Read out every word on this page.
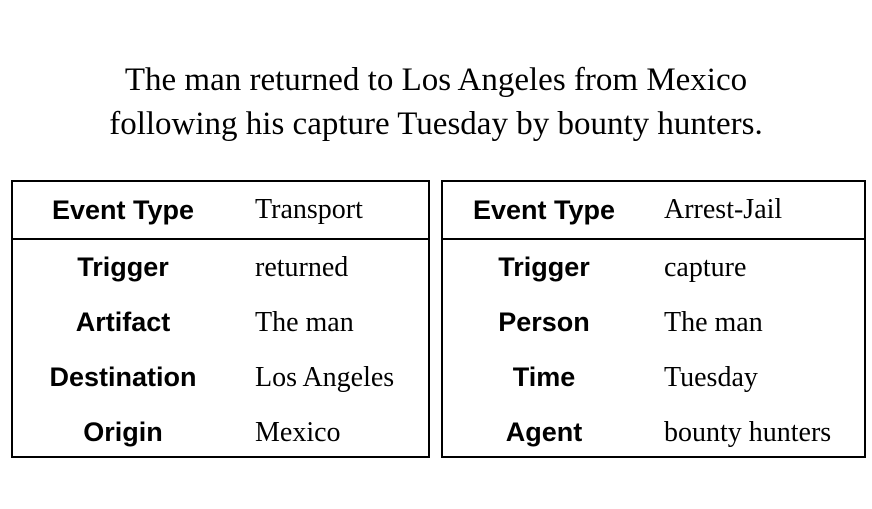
The man returned to Los Angeles from Mexico
following his capture Tuesday by bounty hunters.
Event Type	Transport
Trigger	returned
Artifact	The man
Destination	Los Angeles
Origin	Mexico
Event Type	Arrest-Jail
Trigger	capture
Person	The man
Time	Tuesday
Agent	bounty hunters
